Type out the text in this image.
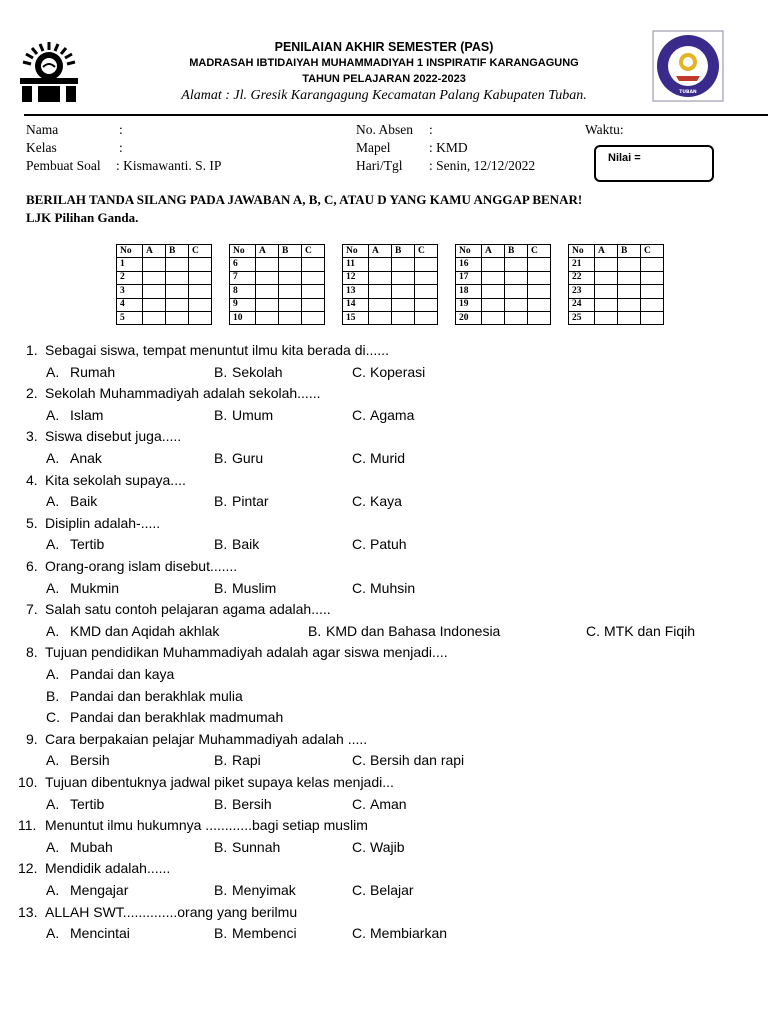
PENILAIAN AKHIR SEMESTER (PAS)
MADRASAH IBTIDAIYAH MUHAMMADIYAH 1 INSPIRATIF KARANGAGUNG
TAHUN PELAJARAN 2022-2023
Alamat : Jl. Gresik Karangagung Kecamatan Palang Kabupaten Tuban.	TUBAN
Nama	:
Kelas	:
Pembuat Soal : Kismawanti. S. IP
No. Absen :
Mapel	: KMD
Hari/Tgl : Senin, 12/12/2022
Waktu:
Nilai =
BERILAH TANDA SILANG PADA JAWABAN A, B, C, ATAU D YANG KAMU ANGGAP BENAR!
LJK Pilihan Ganda.
No	A	B	C
1			
2			
3			
4			
5			
No	A	B	C
6			
7			
8			
9			
10			
No	A	B	C
11			
12			
13			
14			
15			
No	A	B	C
16			
17			
18			
19			
20			
No	A	B	C
21			
22			
23			
24			
25			
1. Sebagai siswa, tempat menuntut ilmu kita berada di......
A. Rumah	B. Sekolah	C. Koperasi
2. Sekolah Muhammadiyah adalah sekolah......
A. Islam	B. Umum	C. Agama
3. Siswa disebut juga.....
A. Anak	B. Guru	C. Murid
4. Kita sekolah supaya....
A. Baik	B. Pintar	C. Kaya
5. Disiplin adalah-.....
A. Tertib	B. Baik	C. Patuh
6. Orang-orang islam disebut.......
A. Mukmin	B. Muslim	C. Muhsin
7. Salah satu contoh pelajaran agama adalah.....
A. KMD dan Aqidah akhlak	B. KMD dan Bahasa Indonesia	C. MTK dan Fiqih
8. Tujuan pendidikan Muhammadiyah adalah agar siswa menjadi....
A. Pandai dan kaya
B. Pandai dan berakhlak mulia
C. Pandai dan berakhlak madmumah
9. Cara berpakaian pelajar Muhammadiyah adalah .....
A. Bersih	B. Rapi	C. Bersih dan rapi
10. Tujuan dibentuknya jadwal piket supaya kelas menjadi...
A. Tertib	B. Bersih	C. Aman
11. Menuntut ilmu hukumnya ............bagi setiap muslim
A. Mubah	B. Sunnah	C. Wajib
12. Mendidik adalah......
A. Mengajar	B. Menyimak	C. Belajar
13. ALLAH SWT..............orang yang berilmu
A. Mencintai	B. Membenci	C. Membiarkan
